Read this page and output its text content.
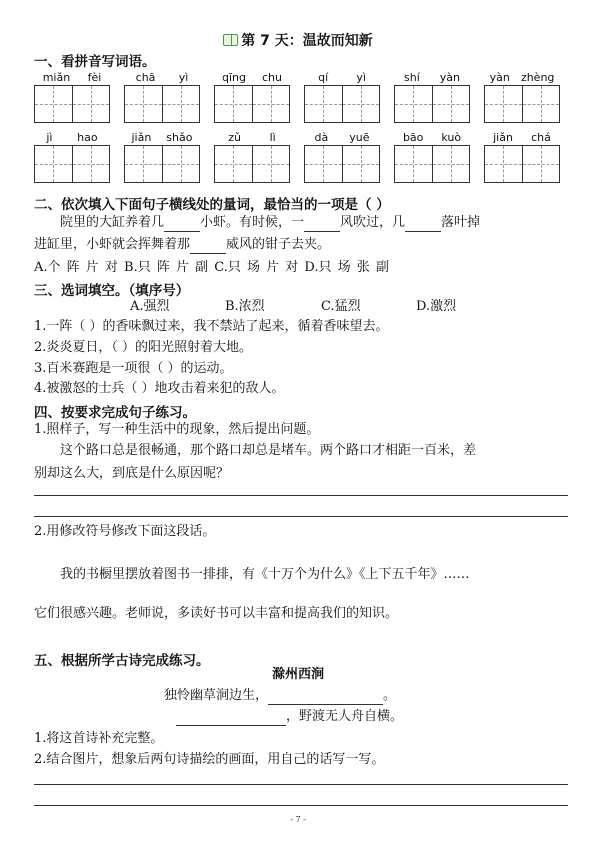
第 7 天：温故而知新
一、看拼音写词语。
miǎn fèi	chā yì	qīng chu	qí	yì	shí yàn	yàn zhèng
jì hao	jiǎn shǎo	zǔ	lì	dà yuē	bāo kuò	jiǎn chá
二、依次填入下面句子横线处的量词，最恰当的一项是（ ）
院里的大缸养着几	小虾。有时候，一	风吹过，几	落叶掉
进缸里，小虾就会挥舞着那	威风的钳子去夹。
A.个 阵 片 对 B.只 阵 片 副 C.只 场 片 对 D.只 场 张 副
三、选词填空。（填序号）
A.强烈	B.浓烈	C.猛烈	D.激烈
1.一阵（ ）的香味飘过来，我不禁站了起来，循着香味望去。
2.炎炎夏日，（ ）的阳光照射着大地。
3.百米赛跑是一项很（ ）的运动。
4.被激怒的士兵（ ）地攻击着来犯的敌人。
四、按要求完成句子练习。
1.照样子，写一种生活中的现象，然后提出问题。
这个路口总是很畅通，那个路口却总是堵车。两个路口才相距一百米，差
别却这么大，到底是什么原因呢？
2.用修改符号修改下面这段话。
我的书橱里摆放着图书一排排，有《十万个为什么》《上下五千年》……
它们很感兴趣。老师说，多读好书可以丰富和提高我们的知识。
五、根据所学古诗完成练习。
滁州西涧
独怜幽草涧边生，	。
，野渡无人舟自横。
1.将这首诗补充完整。
2.结合图片，想象后两句诗描绘的画面，用自己的话写一写。
- 7 -
